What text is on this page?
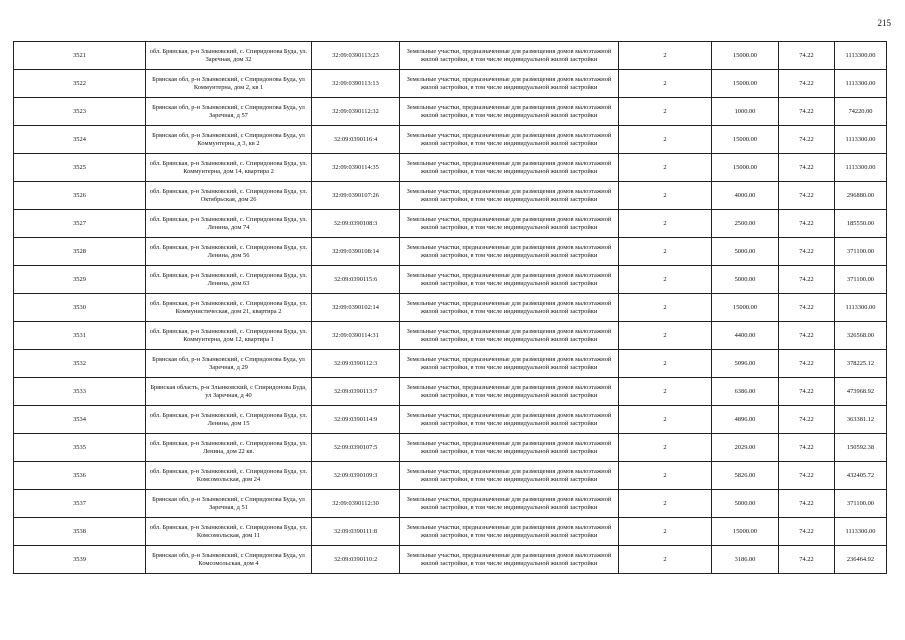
215
3521	обл. Брянская, р-н Злынковский, с. Спиридонова Буда, ул. Заречная, дом 32	32:09:0390113:23	Земельные участки, предназначенные для размещения домов малоэтажной жилой застройки, в том числе индивидуальной жилой застройки	2	15000.00	74.22	1113300.00
3522	Брянская обл, р-н Злынковский, с Спиридонова Буда, ул Коммунтерна, дом 2, кв 1	32:09:0390113:13	Земельные участки, предназначенные для размещения домов малоэтажной жилой застройки, в том числе индивидуальной жилой застройки	2	15000.00	74.22	1113300.00
3523	Брянская обл, р-н Злынковский, с Спиридонова Буда, ул Заречная, д 57	32:09:0390112:32	Земельные участки, предназначенные для размещения домов малоэтажной жилой застройки, в том числе индивидуальной жилой застройки	2	1000.00	74.22	74220.00
3524	Брянская обл, р-н Злынковский, с Спиридонова Буда, ул Коммунтерна, д 3, кв 2	32:09:0390116:4	Земельные участки, предназначенные для размещения домов малоэтажной жилой застройки, в том числе индивидуальной жилой застройки	2	15000.00	74.22	1113300.00
3525	обл. Брянская, р-н Злынковский, с. Спиридонова Буда, ул. Коммунтерна, дом 14, квартира 2	32:09:0390114:35	Земельные участки, предназначенные для размещения домов малоэтажной жилой застройки, в том числе индивидуальной жилой застройки	2	15000.00	74.22	1113300.00
3526	обл. Брянская, р-н Злынковский, с. Спиридонова Буда, ул. Октябрьская, дом 26	32:09:0390107:26	Земельные участки, предназначенные для размещения домов малоэтажной жилой застройки, в том числе индивидуальной жилой застройки	2	4000.00	74.22	296880.00
3527	обл. Брянская, р-н Злынковский, с. Спиридонова Буда, ул. Ленина, дом 74	32:09:0390108:3	Земельные участки, предназначенные для размещения домов малоэтажной жилой застройки, в том числе индивидуальной жилой застройки	2	2500.00	74.22	185550.00
3528	обл. Брянская, р-н Злынковский, с. Спиридонова Буда, ул. Ленина, дом 56	32:09:0390108:14	Земельные участки, предназначенные для размещения домов малоэтажной жилой застройки, в том числе индивидуальной жилой застройки	2	5000.00	74.22	371100.00
3529	обл. Брянская, р-н Злынковский, с. Спиридонова Буда, ул. Ленина, дом 63	32:09:0390115:6	Земельные участки, предназначенные для размещения домов малоэтажной жилой застройки, в том числе индивидуальной жилой застройки	2	5000.00	74.22	371100.00
3530	обл. Брянская, р-н Злынковский, с. Спиридонова Буда, ул. Коммунистическая, дом 21, квартира 2	32:09:0390102:14	Земельные участки, предназначенные для размещения домов малоэтажной жилой застройки, в том числе индивидуальной жилой застройки	2	15000.00	74.22	1113300.00
3531	обл. Брянская, р-н Злынковский, с. Спиридонова Буда, ул. Коммунтерна, дом 12, квартира 1	32:09:0390114:31	Земельные участки, предназначенные для размещения домов малоэтажной жилой застройки, в том числе индивидуальной жилой застройки	2	4400.00	74.22	326568.00
3532	Брянская обл, р-н Злынковский, с Спиридонова Буда, ул Заречная, д 29	32:09:0390112:3	Земельные участки, предназначенные для размещения домов малоэтажной жилой застройки, в том числе индивидуальной жилой застройки	2	5096.00	74.22	378225.12
3533	Брянская область, р-н Злынковский, с Спиридонова Буда, ул Заречная, д 40	32:09:0390113:7	Земельные участки, предназначенные для размещения домов малоэтажной жилой застройки, в том числе индивидуальной жилой застройки	2	6386.00	74.22	473968.92
3534	обл. Брянская, р-н Злынковский, с. Спиридонова Буда, ул. Ленина, дом 15	32:09:0390114:9	Земельные участки, предназначенные для размещения домов малоэтажной жилой застройки, в том числе индивидуальной жилой застройки	2	4896.00	74.22	363381.12
3535	обл. Брянская, р-н Злынковский, с. Спиридонова Буда, ул. Ленина, дом 22 кв.	32:09:0390107:5	Земельные участки, предназначенные для размещения домов малоэтажной жилой застройки, в том числе индивидуальной жилой застройки	2	2029.00	74.22	150592.38
3536	обл. Брянская, р-н Злынковский, с. Спиридонова Буда, ул. Комсомольская, дом 24	32:09:0390109:3	Земельные участки, предназначенные для размещения домов малоэтажной жилой застройки, в том числе индивидуальной жилой застройки	2	5826.00	74.22	432405.72
3537	Брянская обл, р-н Злынковский, с Спиридонова Буда, ул Заречная, д 51	32:09:0390112:30	Земельные участки, предназначенные для размещения домов малоэтажной жилой застройки, в том числе индивидуальной жилой застройки	2	5000.00	74.22	371100.00
3538	обл. Брянская, р-н Злынковский, с. Спиридонова Буда, ул. Комсомольская, дом 11	32:09:0390111:8	Земельные участки, предназначенные для размещения домов малоэтажной жилой застройки, в том числе индивидуальной жилой застройки	2	15000.00	74.22	1113300.00
3539	Брянская обл, р-н Злынковский, с Спиридонова Буда, ул Комсомольская, дом 4	32:09:0390110:2	Земельные участки, предназначенные для размещения домов малоэтажной жилой застройки, в том числе индивидуальной жилой застройки	2	3186.00	74.22	236464.92
